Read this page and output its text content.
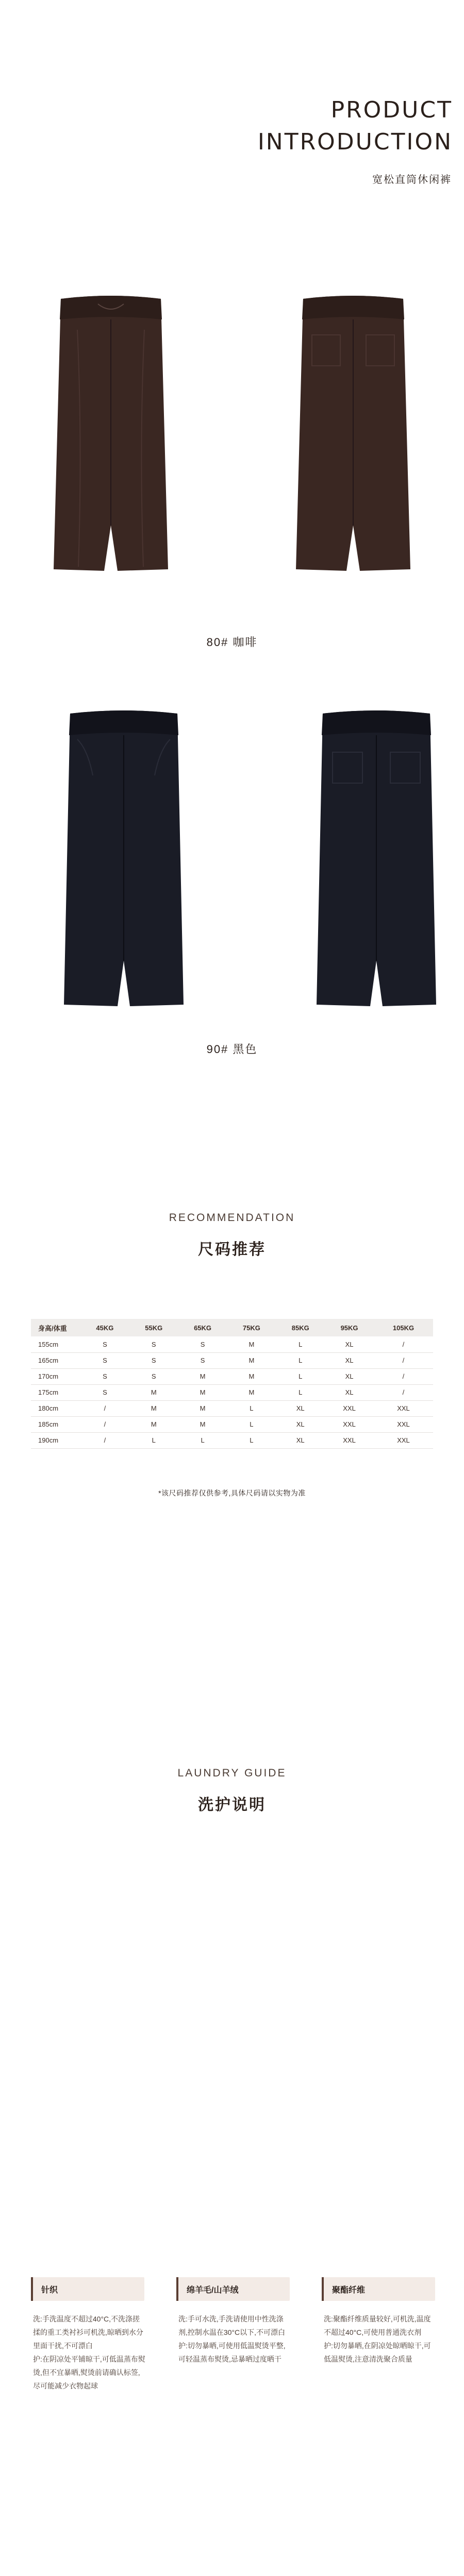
PRODUCT
INTRODUCTION
宽松直筒休闲裤
80# 咖啡
90# 黑色
RECOMMENDATION
尺码推荐
身高/体重	45KG	55KG	65KG	75KG	85KG	95KG	105KG
155cm	S	S	S	M	L	XL	/
165cm	S	S	S	M	L	XL	/
170cm	S	S	M	M	L	XL	/
175cm	S	M	M	M	L	XL	/
180cm	/	M	M	L	XL	XXL	XXL
185cm	/	M	M	L	XL	XXL	XXL
190cm	/	L	L	L	XL	XXL	XXL
*该尺码推荐仅供参考,具体尺码请以实物为准
LAUNDRY GUIDE
洗护说明
针织
洗:手洗温度不超过40°C,不洗涤搓揉的重工类衬衫可机洗,晾晒到水分里面干扰,不可漂白
护:在阴凉处平铺晾干,可低温蒸布熨烫,但不宜暴晒,熨烫前请确认标签,尽可能减少衣物起球
绵羊毛/山羊绒
洗:手可水洗,手洗请使用中性洗涤剂,控制水温在30°C以下,不可漂白
护:切勿暴晒,可使用低温熨烫平整,可轻温蒸布熨烫,忌暴晒过度晒干
聚酯纤维
洗:聚酯纤维质量较好,可机洗,温度不超过40°C,可使用普通洗衣剂
护:切勿暴晒,在阴凉处晾晒晾干,可低温熨烫,注意清洗聚合质量
